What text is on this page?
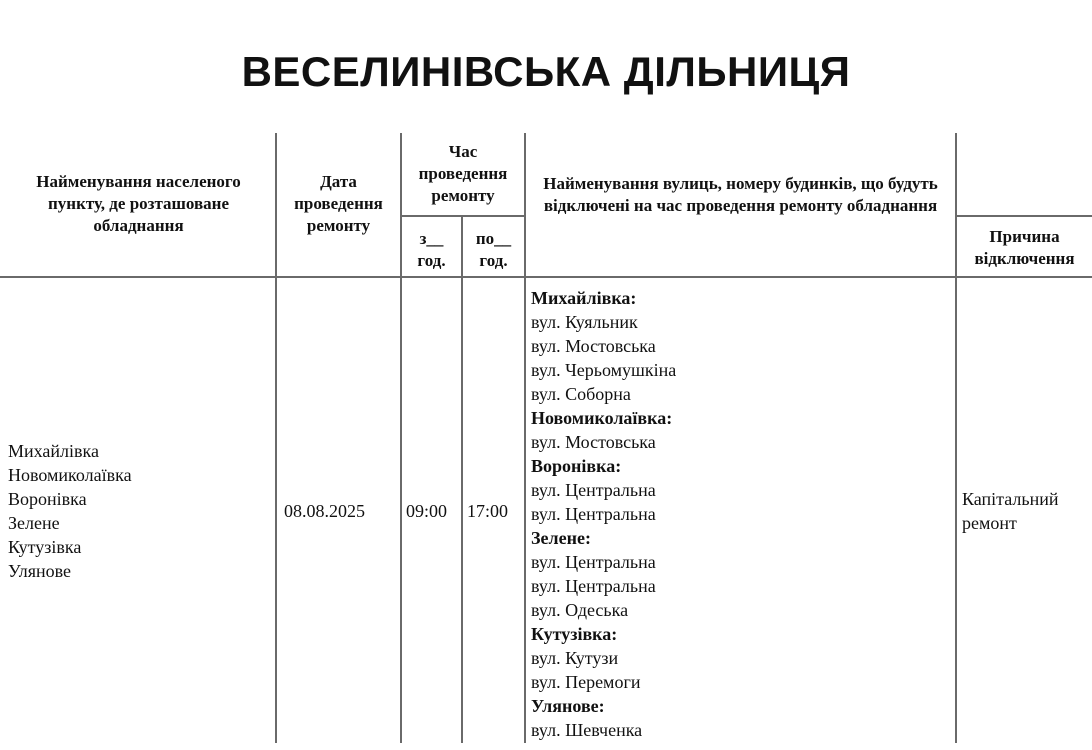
ВЕСЕЛИНІВСЬКА ДІЛЬНИЦЯ
Найменування населеного пункту, де розташоване обладнання
Дата проведення ремонту
Час проведення ремонту
з__ год.
по__ год.
Найменування вулиць, номеру будинків, що будуть відключені на час проведення ремонту обладнання
Причина відключення
Михайлівка
Новомиколаївка
Воронівка
Зелене
Кутузівка
Улянове
08.08.2025	09:00	17:00
Михайлівка:
вул. Куяльник
вул. Мостовська
вул. Черьомушкіна
вул. Соборна
Новомиколаївка:
вул. Мостовська
Воронівка:
вул. Центральна
вул. Центральна
Зелене:
вул. Центральна
вул. Центральна
вул. Одеська
Кутузівка:
вул. Кутузи
вул. Перемоги
Улянове:
вул. Шевченка
Капітальний ремонт
